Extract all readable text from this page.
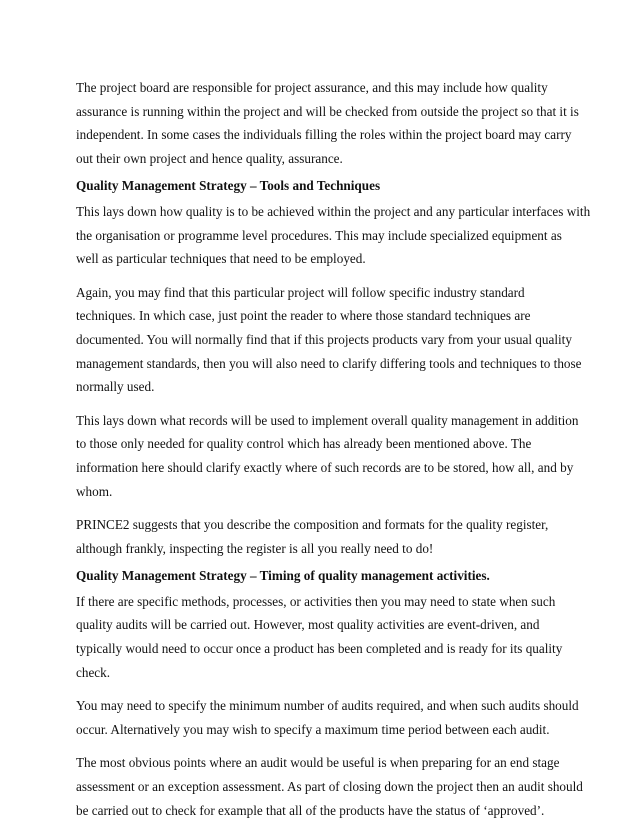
The project board are responsible for project assurance, and this may include how quality
assurance is running within the project and will be checked from outside the project so that it is
independent. In some cases the individuals filling the roles within the project board may carry
out their own project and hence quality, assurance.
Quality Management Strategy – Tools and Techniques
This lays down how quality is to be achieved within the project and any particular interfaces with
the organisation or programme level procedures. This may include specialized equipment as
well as particular techniques that need to be employed.
Again, you may find that this particular project will follow specific industry standard
techniques. In which case, just point the reader to where those standard techniques are
documented. You will normally find that if this projects products vary from your usual quality
management standards, then you will also need to clarify differing tools and techniques to those
normally used.
This lays down what records will be used to implement overall quality management in addition
to those only needed for quality control which has already been mentioned above. The
information here should clarify exactly where of such records are to be stored, how all, and by
whom.
PRINCE2 suggests that you describe the composition and formats for the quality register,
although frankly, inspecting the register is all you really need to do!
Quality Management Strategy – Timing of quality management activities.
If there are specific methods, processes, or activities then you may need to state when such
quality audits will be carried out. However, most quality activities are event-driven, and
typically would need to occur once a product has been completed and is ready for its quality
check.
You may need to specify the minimum number of audits required, and when such audits should
occur. Alternatively you may wish to specify a maximum time period between each audit.
The most obvious points where an audit would be useful is when preparing for an end stage
assessment or an exception assessment. As part of closing down the project then an audit should
be carried out to check for example that all of the products have the status of ‘approved’.
